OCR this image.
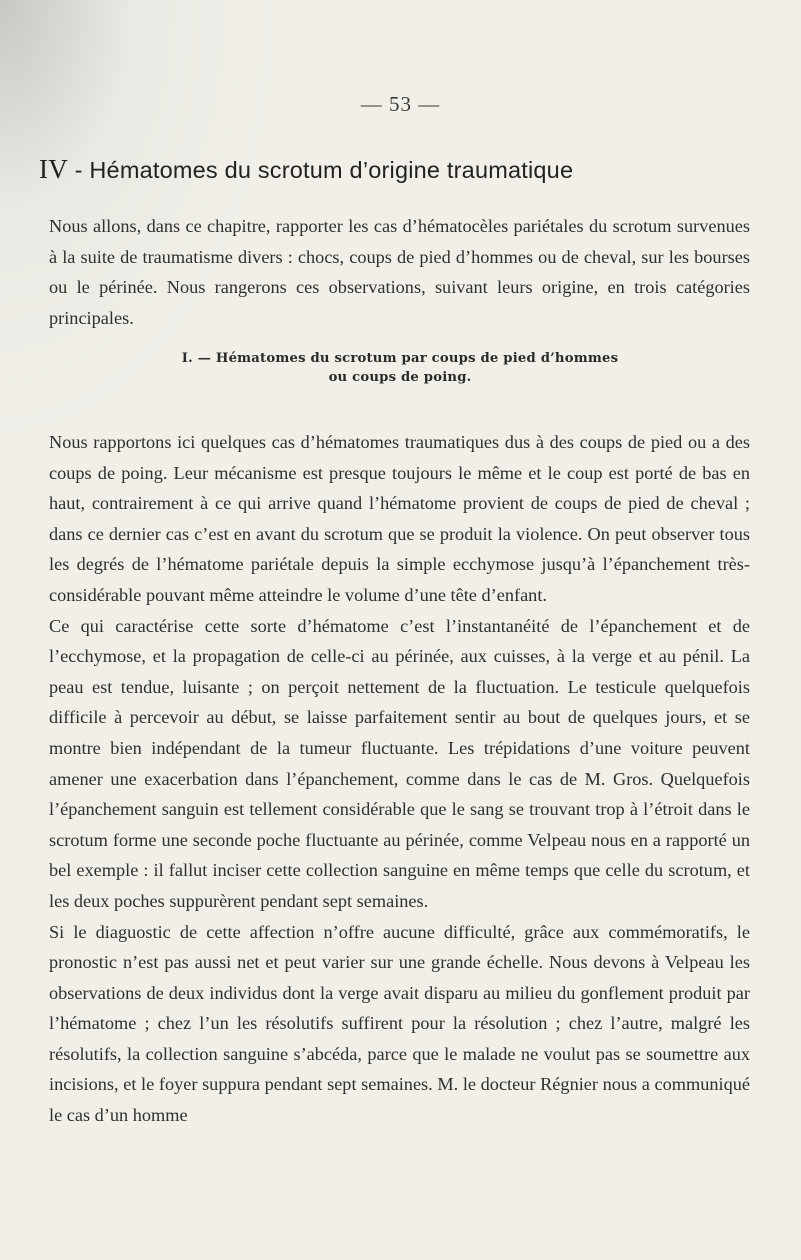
— 53 —
IV - Hématomes du scrotum d’origine traumatique

Nous allons, dans ce chapitre, rapporter les cas d’hématocèles pariétales du scrotum survenues à la suite de traumatisme divers : chocs, coups de pied d’hommes ou de cheval, sur les bourses ou le périnée. Nous rangerons ces observations, suivant leurs origine, en trois catégories principales.

I. — Hématomes du scrotum par coups de pied d’hommes
ou coups de poing.

Nous rapportons ici quelques cas d’hématomes traumatiques dus à des coups de pied ou a des coups de poing. Leur mécanisme est presque toujours le même et le coup est porté de bas en haut, contrairement à ce qui arrive quand l’hématome provient de coups de pied de cheval ; dans ce dernier cas c’est en avant du scrotum que se produit la violence. On peut observer tous les degrés de l’hématome pariétale depuis la simple ecchymose jusqu’à l’épanchement très-considérable pouvant même atteindre le volume d’une tête d’enfant.

Ce qui caractérise cette sorte d’hématome c’est l’instantanéité de l’épanchement et de l’ecchymose, et la propagation de celle-ci au périnée, aux cuisses, à la verge et au pénil. La peau est tendue, luisante ; on perçoit nettement de la fluctuation. Le testicule quelquefois difficile à percevoir au début, se laisse parfaitement sentir au bout de quelques jours, et se montre bien indépendant de la tumeur fluctuante. Les trépidations d’une voiture peuvent amener une exacerbation dans l’épanchement, comme dans le cas de M. Gros. Quelquefois l’épanchement sanguin est tellement considérable que le sang se trouvant trop à l’étroit dans le scrotum forme une seconde poche fluctuante au périnée, comme Velpeau nous en a rapporté un bel exemple : il fallut inciser cette collection sanguine en même temps que celle du scrotum, et les deux poches suppurèrent pendant sept semaines.

Si le diaguostic de cette affection n’offre aucune difficulté, grâce aux commémoratifs, le pronostic n’est pas aussi net et peut varier sur une grande échelle. Nous devons à Velpeau les observations de deux individus dont la verge avait disparu au milieu du gonflement produit par l’hématome ; chez l’un les résolutifs suffirent pour la résolution ; chez l’autre, malgré les résolutifs, la collection sanguine s’abcéda, parce que le malade ne voulut pas se soumettre aux incisions, et le foyer suppura pendant sept semaines. M. le docteur Régnier nous a communiqué le cas d’un homme
